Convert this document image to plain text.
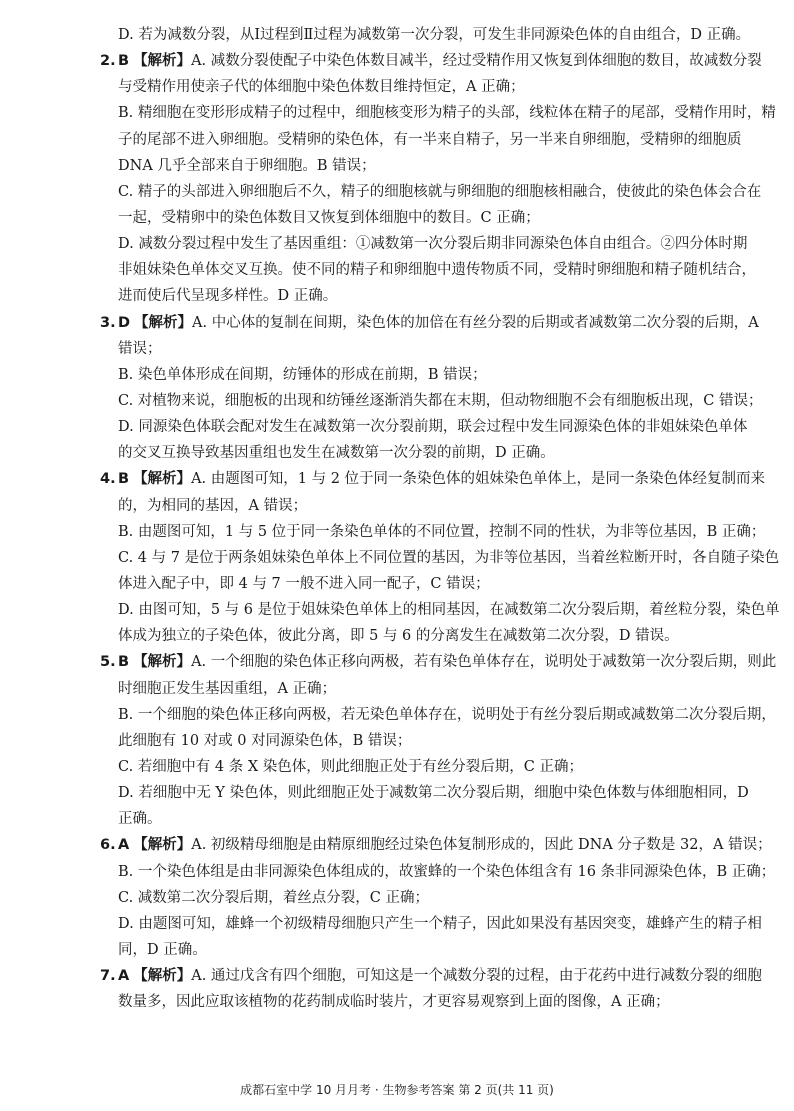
D. 若为减数分裂，从Ⅰ过程到Ⅱ过程为减数第一次分裂，可发生非同源染色体的自由组合，D 正确。
2. B 【解析】A. 减数分裂使配子中染色体数目减半，经过受精作用又恢复到体细胞的数目，故减数分裂
与受精作用使亲子代的体细胞中染色体数目维持恒定，A 正确；
B. 精细胞在变形形成精子的过程中，细胞核变形为精子的头部，线粒体在精子的尾部，受精作用时，精
子的尾部不进入卵细胞。受精卵的染色体，有一半来自精子，另一半来自卵细胞，受精卵的细胞质
DNA 几乎全部来自于卵细胞。B 错误；
C. 精子的头部进入卵细胞后不久，精子的细胞核就与卵细胞的细胞核相融合，使彼此的染色体会合在
一起，受精卵中的染色体数目又恢复到体细胞中的数目。C 正确；
D. 减数分裂过程中发生了基因重组：①减数第一次分裂后期非同源染色体自由组合。②四分体时期
非姐妹染色单体交叉互换。使不同的精子和卵细胞中遗传物质不同，受精时卵细胞和精子随机结合，
进而使后代呈现多样性。D 正确。
3. D 【解析】A. 中心体的复制在间期，染色体的加倍在有丝分裂的后期或者减数第二次分裂的后期，A
错误；
B. 染色单体形成在间期，纺锤体的形成在前期，B 错误；
C. 对植物来说，细胞板的出现和纺锤丝逐渐消失都在末期，但动物细胞不会有细胞板出现，C 错误；
D. 同源染色体联会配对发生在减数第一次分裂前期，联会过程中发生同源染色体的非姐妹染色单体
的交叉互换导致基因重组也发生在减数第一次分裂的前期，D 正确。
4. B 【解析】A. 由题图可知，1 与 2 位于同一条染色体的姐妹染色单体上，是同一条染色体经复制而来
的，为相同的基因，A 错误；
B. 由题图可知，1 与 5 位于同一条染色单体的不同位置，控制不同的性状，为非等位基因，B 正确；
C. 4 与 7 是位于两条姐妹染色单体上不同位置的基因，为非等位基因，当着丝粒断开时，各自随子染色
体进入配子中，即 4 与 7 一般不进入同一配子，C 错误；
D. 由图可知，5 与 6 是位于姐妹染色单体上的相同基因，在减数第二次分裂后期，着丝粒分裂，染色单
体成为独立的子染色体，彼此分离，即 5 与 6 的分离发生在减数第二次分裂，D 错误。
5. B 【解析】A. 一个细胞的染色体正移向两极，若有染色单体存在，说明处于减数第一次分裂后期，则此
时细胞正发生基因重组，A 正确；
B. 一个细胞的染色体正移向两极，若无染色单体存在，说明处于有丝分裂后期或减数第二次分裂后期，
此细胞有 10 对或 0 对同源染色体，B 错误；
C. 若细胞中有 4 条 X 染色体，则此细胞正处于有丝分裂后期，C 正确；
D. 若细胞中无 Y 染色体，则此细胞正处于减数第二次分裂后期，细胞中染色体数与体细胞相同，D
正确。
6. A 【解析】A. 初级精母细胞是由精原细胞经过染色体复制形成的，因此 DNA 分子数是 32，A 错误；
B. 一个染色体组是由非同源染色体组成的，故蜜蜂的一个染色体组含有 16 条非同源染色体，B 正确；
C. 减数第二次分裂后期，着丝点分裂，C 正确；
D. 由题图可知，雄蜂一个初级精母细胞只产生一个精子，因此如果没有基因突变，雄蜂产生的精子相
同，D 正确。
7. A 【解析】A. 通过戊含有四个细胞，可知这是一个减数分裂的过程，由于花药中进行减数分裂的细胞
数量多，因此应取该植物的花药制成临时装片，才更容易观察到上面的图像，A 正确；
成都石室中学 10 月月考 · 生物参考答案 第 2 页(共 11 页)
